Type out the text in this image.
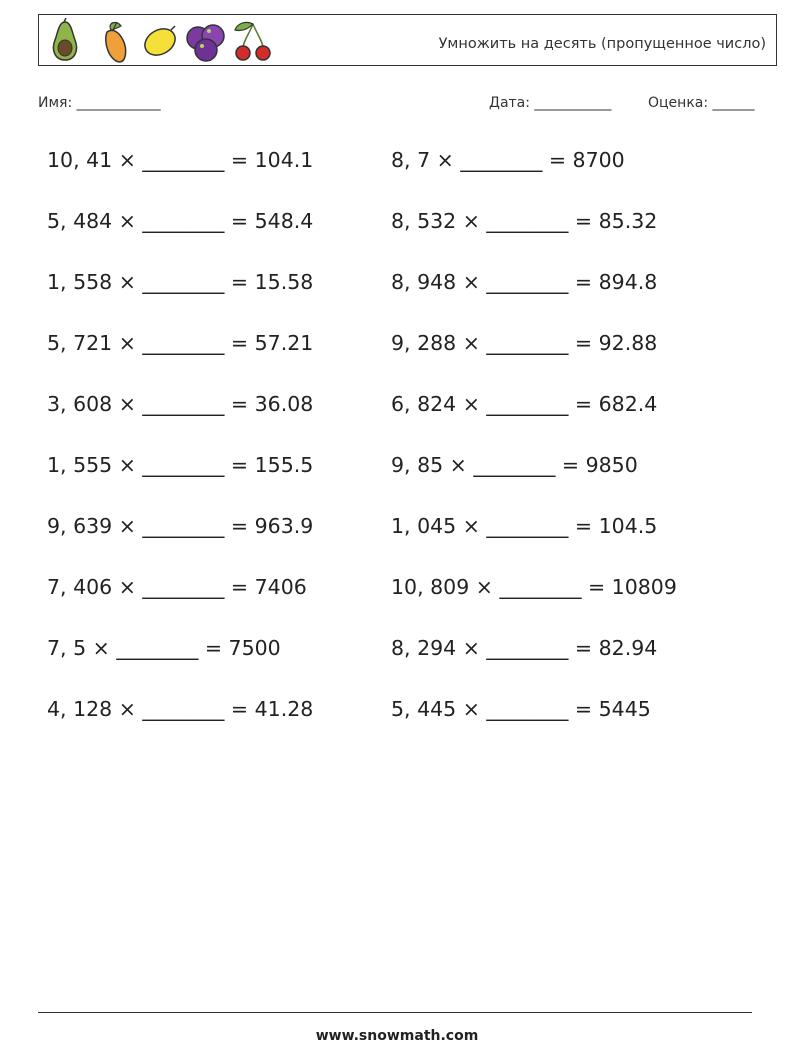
Умножить на десять (пропущенное число)
Имя: ____________	Дата: ___________	Оценка: ______
10, 41 × ________ = 104.1
5, 484 × ________ = 548.4
1, 558 × ________ = 15.58
5, 721 × ________ = 57.21
3, 608 × ________ = 36.08
1, 555 × ________ = 155.5
9, 639 × ________ = 963.9
7, 406 × ________ = 7406
7, 5 × ________ = 7500
4, 128 × ________ = 41.28
8, 7 × ________ = 8700
8, 532 × ________ = 85.32
8, 948 × ________ = 894.8
9, 288 × ________ = 92.88
6, 824 × ________ = 682.4
9, 85 × ________ = 9850
1, 045 × ________ = 104.5
10, 809 × ________ = 10809
8, 294 × ________ = 82.94
5, 445 × ________ = 5445
www.snowmath.com
